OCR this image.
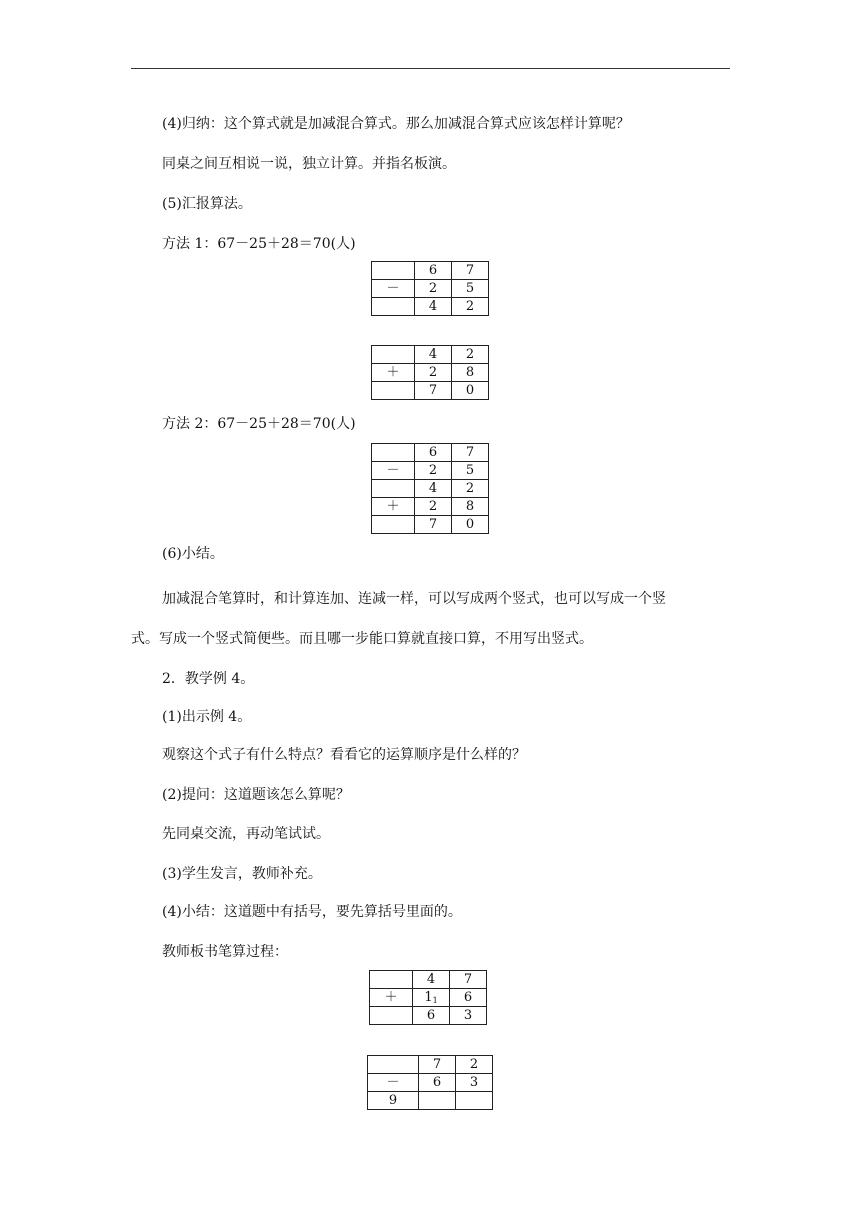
(4)归纳：这个算式就是加减混合算式。那么加减混合算式应该怎样计算呢？
同桌之间互相说一说，独立计算。并指名板演。
(5)汇报算法。
方法 1：67－25＋28＝70(人)
	6	7
－	2	5
	4	2
	4	2
＋	2	8
	7	0
方法 2：67－25＋28＝70(人)
	6	7
－	2	5
	4	2
＋	2	8
	7	0
(6)小结。
加减混合笔算时，和计算连加、连减一样，可以写成两个竖式，也可以写成一个竖
式。写成一个竖式简便些。而且哪一步能口算就直接口算，不用写出竖式。
2．教学例 4。
(1)出示例 4。
观察这个式子有什么特点？看看它的运算顺序是什么样的？
(2)提问：这道题该怎么算呢？
先同桌交流，再动笔试试。
(3)学生发言，教师补充。
(4)小结：这道题中有括号，要先算括号里面的。
教师板书笔算过程：
	4	7
＋	$1_1$	6
	6	3
	7	2
－	6	3
9		
